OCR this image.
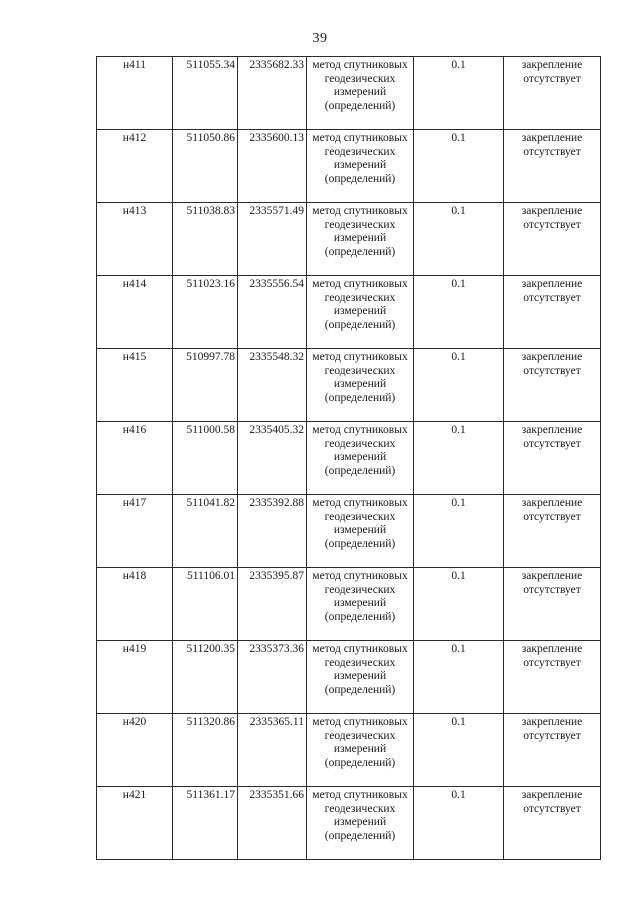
39
н411	511055.34	2335682.33	метод спутниковых геодезических измерений (определений)	0.1	закрепление отсутствует
н412	511050.86	2335600.13	метод спутниковых геодезических измерений (определений)	0.1	закрепление отсутствует
н413	511038.83	2335571.49	метод спутниковых геодезических измерений (определений)	0.1	закрепление отсутствует
н414	511023.16	2335556.54	метод спутниковых геодезических измерений (определений)	0.1	закрепление отсутствует
н415	510997.78	2335548.32	метод спутниковых геодезических измерений (определений)	0.1	закрепление отсутствует
н416	511000.58	2335405.32	метод спутниковых геодезических измерений (определений)	0.1	закрепление отсутствует
н417	511041.82	2335392.88	метод спутниковых геодезических измерений (определений)	0.1	закрепление отсутствует
н418	511106.01	2335395.87	метод спутниковых геодезических измерений (определений)	0.1	закрепление отсутствует
н419	511200.35	2335373.36	метод спутниковых геодезических измерений (определений)	0.1	закрепление отсутствует
н420	511320.86	2335365.11	метод спутниковых геодезических измерений (определений)	0.1	закрепление отсутствует
н421	511361.17	2335351.66	метод спутниковых геодезических измерений (определений)	0.1	закрепление отсутствует
